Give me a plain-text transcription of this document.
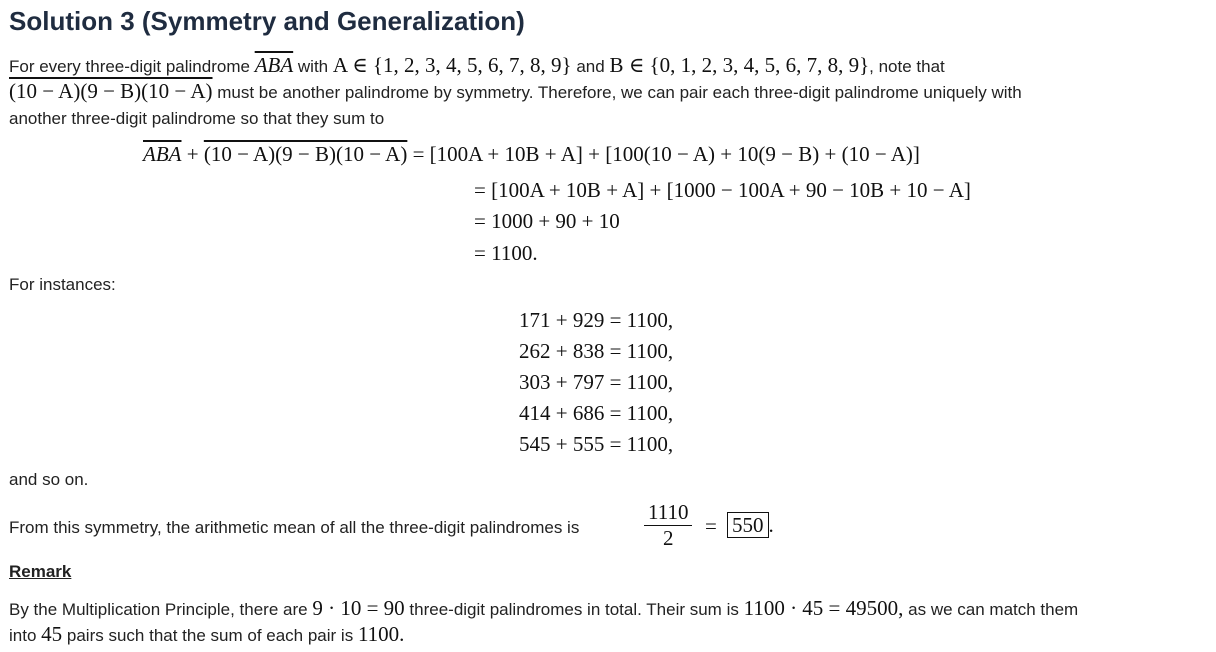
Solution 3 (Symmetry and Generalization)
For every three-digit palindrome $\overline{ABA}$ with A ∈ {1, 2, 3, 4, 5, 6, 7, 8, 9} and B ∈ {0, 1, 2, 3, 4, 5, 6, 7, 8, 9}, note that
(10 − A)(9 − B)(10 − A) must be another palindrome by symmetry. Therefore, we can pair each three-digit palindrome uniquely with
another three-digit palindrome so that they sum to
$\overline{ABA} + (10 - A)(9 - B)(10 - A) = [100A + 10B + A] + [100(10 - A) + 10(9 - B) + (10 - A)]$
= [100A + 10B + A] + [1000 − 100A + 90 − 10B + 10 − A]
= 1000 + 90 + 10
= 1100.
For instances:
171 + 929 = 1100,
262 + 838 = 1100,
303 + 797 = 1100,
414 + 686 = 1100,
545 + 555 = 1100,
and so on.
From this symmetry, the arithmetic mean of all the three-digit palindromes is	$\frac{1110}{2} = 550$ .
Remark
By the Multiplication Principle, there are 9 · 10 = 90 three-digit palindromes in total. Their sum is 1100 · 45 = 49500, as we can match them
into 45 pairs such that the sum of each pair is 1100.
